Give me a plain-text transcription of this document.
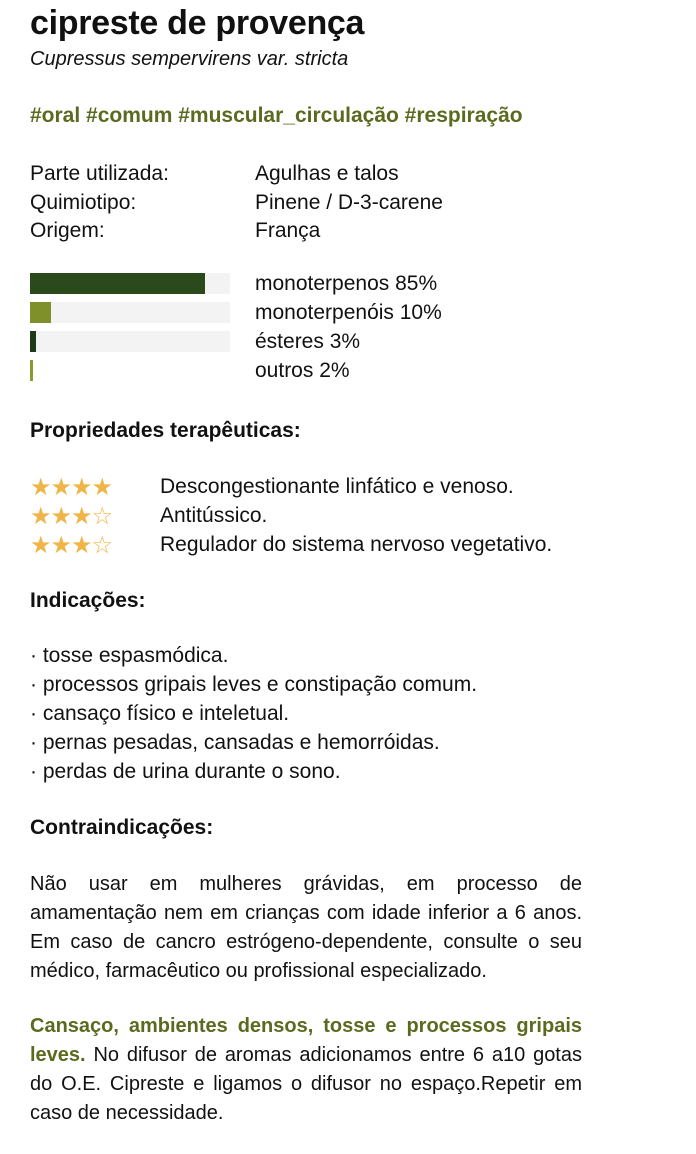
cipreste de provença
Cupressus sempervirens var. stricta
#oral #comum #muscular_circulação #respiração
Parte utilizada:	Agulhas e talos
Quimiotipo:	Pinene / D-3-carene
Origem:	França
monoterpenos 85%
monoterpenóis 10%
ésteres 3%
outros 2%
Propriedades terapêuticas:
★★★★ Descongestionante linfático e venoso.
★★★☆ Antitússico.
★★★☆ Regulador do sistema nervoso vegetativo.
Indicações:
· tosse espasmódica.
· processos gripais leves e constipação comum.
· cansaço físico e inteletual.
· pernas pesadas, cansadas e hemorróidas.
· perdas de urina durante o sono.
Contraindicações:
Não usar em mulheres grávidas, em processo de amamentação nem em crianças com idade inferior a 6 anos. Em caso de cancro estrógeno-dependente, consulte o seu médico, farmacêutico ou profissional especializado.
Cansaço, ambientes densos, tosse e processos gripais leves. No difusor de aromas adicionamos entre 6 a10 gotas do O.E. Cipreste e ligamos o difusor no espaço.Repetir em caso de necessidade.
